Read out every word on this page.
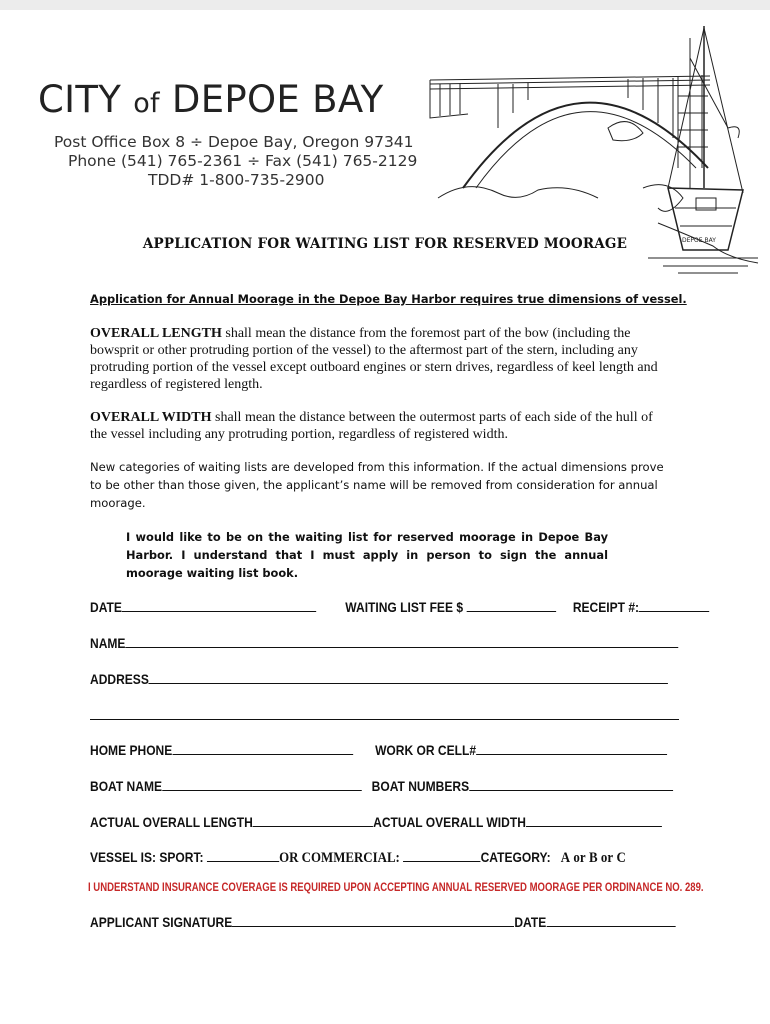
CITY of DEPOE BAY
Post Office Box 8 ÷ Depoe Bay, Oregon 97341
Phone (541) 765-2361 ÷ Fax (541) 765-2129
TDD# 1-800-735-2900
DEPOE BAY
APPLICATION FOR WAITING LIST FOR RESERVED MOORAGE
Application for Annual Moorage in the Depoe Bay Harbor requires true dimensions of vessel.
OVERALL LENGTH shall mean the distance from the foremost part of the bow (including the bowsprit or other protruding portion of the vessel) to the aftermost part of the stern, including any protruding portion of the vessel except outboard engines or stern drives, regardless of keel length and regardless of registered length.
OVERALL WIDTH shall mean the distance between the outermost parts of each side of the hull of the vessel including any protruding portion, regardless of registered width.
New categories of waiting lists are developed from this information. If the actual dimensions prove to be other than those given, the applicant’s name will be removed from consideration for annual moorage.
I would like to be on the waiting list for reserved moorage in Depoe Bay Harbor. I understand that I must apply in person to sign the annual moorage waiting list book.
DATE	WAITING LIST FEE $	RECEIPT #:
NAME
ADDRESS
HOME PHONE	WORK OR CELL#
BOAT NAME	BOAT NUMBERS
ACTUAL OVERALL LENGTH	ACTUAL OVERALL WIDTH
VESSEL IS: SPORT:	OR COMMERCIAL:	CATEGORY: A or B or C
I UNDERSTAND INSURANCE COVERAGE IS REQUIRED UPON ACCEPTING ANNUAL RESERVED MOORAGE PER ORDINANCE NO. 289.
APPLICANT SIGNATURE	DATE
